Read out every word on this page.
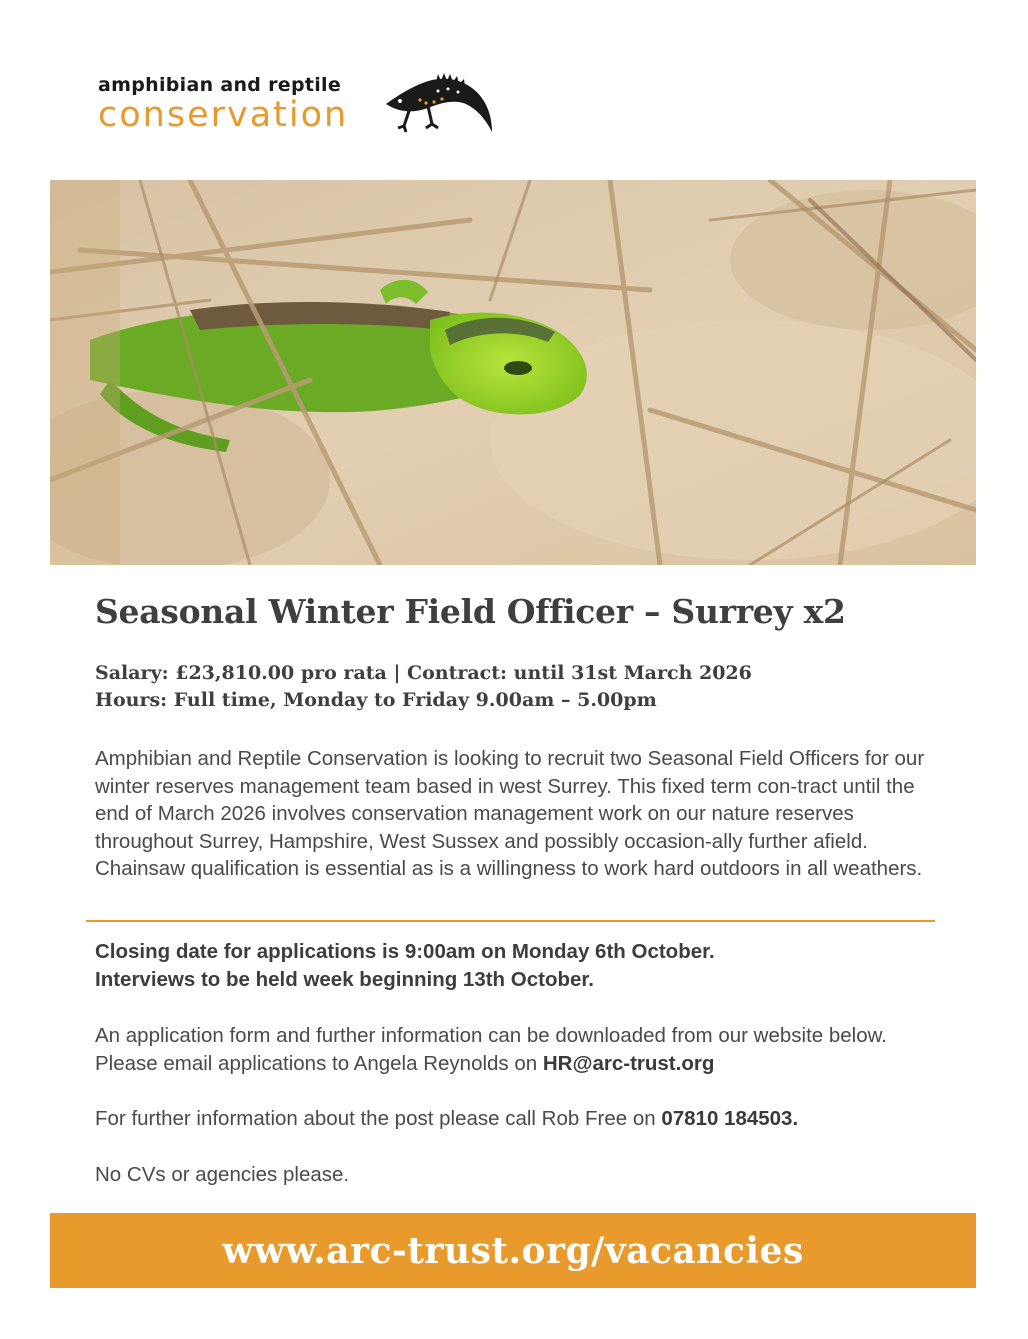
amphibian and reptile
conservation
Seasonal Winter Field Officer – Surrey x2
Salary: £23,810.00 pro rata | Contract: until 31st March 2026
Hours: Full time, Monday to Friday 9.00am – 5.00pm
Amphibian and Reptile Conservation is looking to recruit two Seasonal Field Officers for our winter reserves management team based in west Surrey. This fixed term con-tract until the end of March 2026 involves conservation management work on our nature reserves throughout Surrey, Hampshire, West Sussex and possibly occasion-ally further afield. Chainsaw qualification is essential as is a willingness to work hard outdoors in all weathers.
Closing date for applications is 9:00am on Monday 6th October.
Interviews to be held week beginning 13th October.
An application form and further information can be downloaded from our website below. Please email applications to Angela Reynolds on HR@arc-trust.org
For further information about the post please call Rob Free on 07810 184503.
No CVs or agencies please.
www.arc-trust.org/vacancies
